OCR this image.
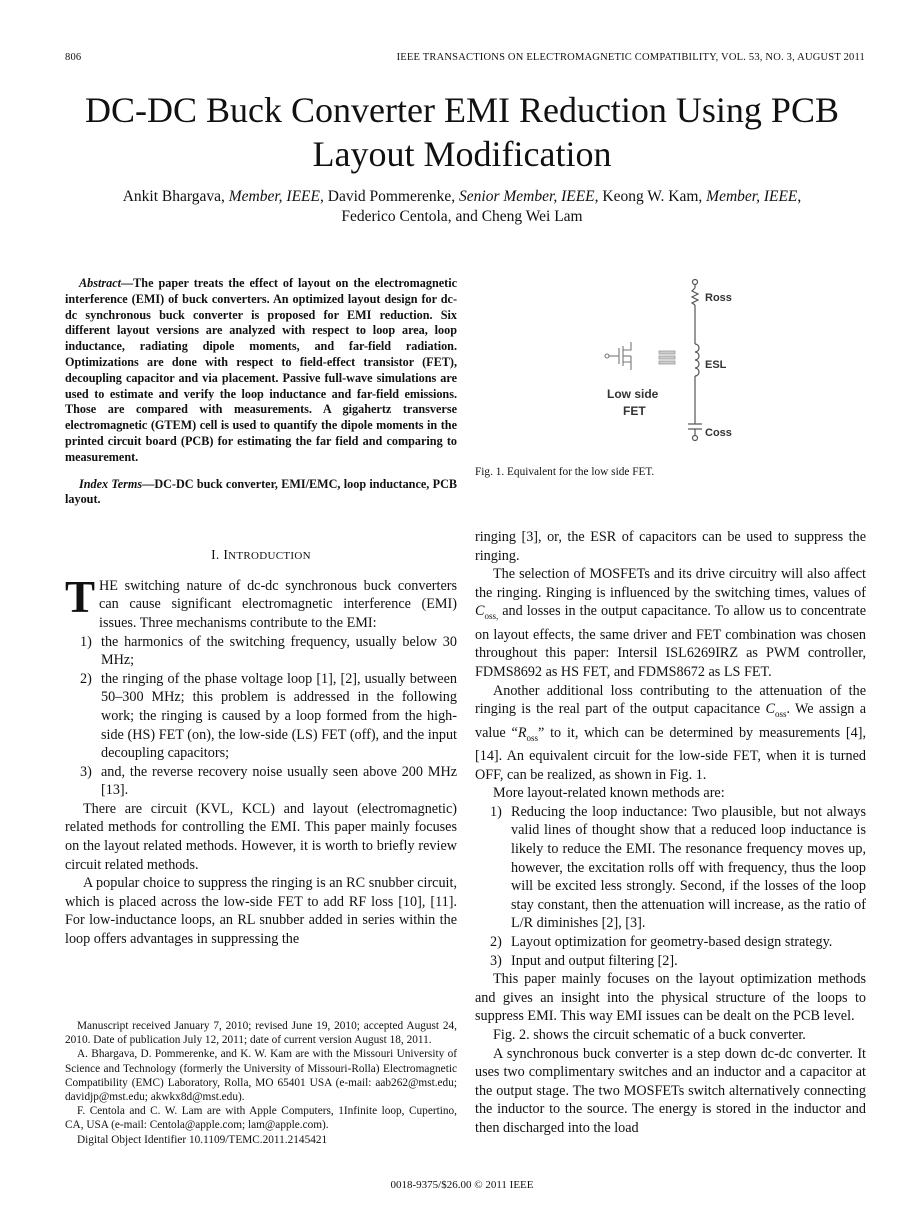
806	IEEE TRANSACTIONS ON ELECTROMAGNETIC COMPATIBILITY, VOL. 53, NO. 3, AUGUST 2011
DC-DC Buck Converter EMI Reduction Using PCB
Layout Modification
Ankit Bhargava, Member, IEEE, David Pommerenke, Senior Member, IEEE, Keong W. Kam, Member, IEEE,
Federico Centola, and Cheng Wei Lam

Abstract—The paper treats the effect of layout on the electromagnetic interference (EMI) of buck converters. An optimized layout design for dc-dc synchronous buck converter is proposed for EMI reduction. Six different layout versions are analyzed with respect to loop area, loop inductance, radiating dipole moments, and far-field radiation. Optimizations are done with respect to field-effect transistor (FET), decoupling capacitor and via placement. Passive full-wave simulations are used to estimate and verify the loop inductance and far-field emissions. Those are compared with measurements. A gigahertz transverse electromagnetic (GTEM) cell is used to quantify the dipole moments in the printed circuit board (PCB) for estimating the far field and comparing to measurement.

Index Terms—DC-DC buck converter, EMI/EMC, loop inductance, PCB layout.

I. INTRODUCTION

THE switching nature of dc-dc synchronous buck converters can cause significant electromagnetic interference (EMI) issues. Three mechanisms contribute to the EMI:

1) the harmonics of the switching frequency, usually below 30 MHz;
2) the ringing of the phase voltage loop [1], [2], usually between 50–300 MHz; this problem is addressed in the following work; the ringing is caused by a loop formed from the high-side (HS) FET (on), the low-side (LS) FET (off), and the input decoupling capacitors;
3) and, the reverse recovery noise usually seen above 200 MHz [13].

There are circuit (KVL, KCL) and layout (electromagnetic) related methods for controlling the EMI. This paper mainly focuses on the layout related methods. However, it is worth to briefly review circuit related methods.

A popular choice to suppress the ringing is an RC snubber circuit, which is placed across the low-side FET to add RF loss [10], [11]. For low-inductance loops, an RL snubber added in series within the loop offers advantages in suppressing the

Manuscript received January 7, 2010; revised June 19, 2010; accepted August 24, 2010. Date of publication July 12, 2011; date of current version August 18, 2011.

A. Bhargava, D. Pommerenke, and K. W. Kam are with the Missouri University of Science and Technology (formerly the University of Missouri-Rolla) Electromagnetic Compatibility (EMC) Laboratory, Rolla, MO 65401 USA (e-mail: aab262@mst.edu; davidjp@mst.edu; akwkx8d@mst.edu).

F. Centola and C. W. Lam are with Apple Computers, 1Infinite loop, Cupertino, CA, USA (e-mail: Centola@apple.com; lam@apple.com).

Digital Object Identifier 10.1109/TEMC.2011.2145421

Ross
ESL
Coss
Low side
FET
Fig. 1. Equivalent for the low side FET.

ringing [3], or, the ESR of capacitors can be used to suppress the ringing.

The selection of MOSFETs and its drive circuitry will also affect the ringing. Ringing is influenced by the switching times, values of $C_{oss,}$ and losses in the output capacitance. To allow us to concentrate on layout effects, the same driver and FET combination was chosen throughout this paper: Intersil ISL6269IRZ as PWM controller, FDMS8692 as HS FET, and FDMS8672 as LS FET.

Another additional loss contributing to the attenuation of the ringing is the real part of the output capacitance $C_{oss}$. We assign a value “$R_{oss}$” to it, which can be determined by measurements [4], [14]. An equivalent circuit for the low-side FET, when it is turned OFF, can be realized, as shown in Fig. 1.

More layout-related known methods are:

1) Reducing the loop inductance: Two plausible, but not always valid lines of thought show that a reduced loop inductance is likely to reduce the EMI. The resonance frequency moves up, however, the excitation rolls off with frequency, thus the loop will be excited less strongly. Second, if the losses of the loop stay constant, then the attenuation will increase, as the ratio of L/R diminishes [2], [3].
2) Layout optimization for geometry-based design strategy.
3) Input and output filtering [2].

This paper mainly focuses on the layout optimization methods and gives an insight into the physical structure of the loops to suppress EMI. This way EMI issues can be dealt on the PCB level.

Fig. 2. shows the circuit schematic of a buck converter.

A synchronous buck converter is a step down dc-dc converter. It uses two complimentary switches and an inductor and a capacitor at the output stage. The two MOSFETs switch alternatively connecting the inductor to the source. The energy is stored in the inductor and then discharged into the load

0018-9375/$26.00 © 2011 IEEE
